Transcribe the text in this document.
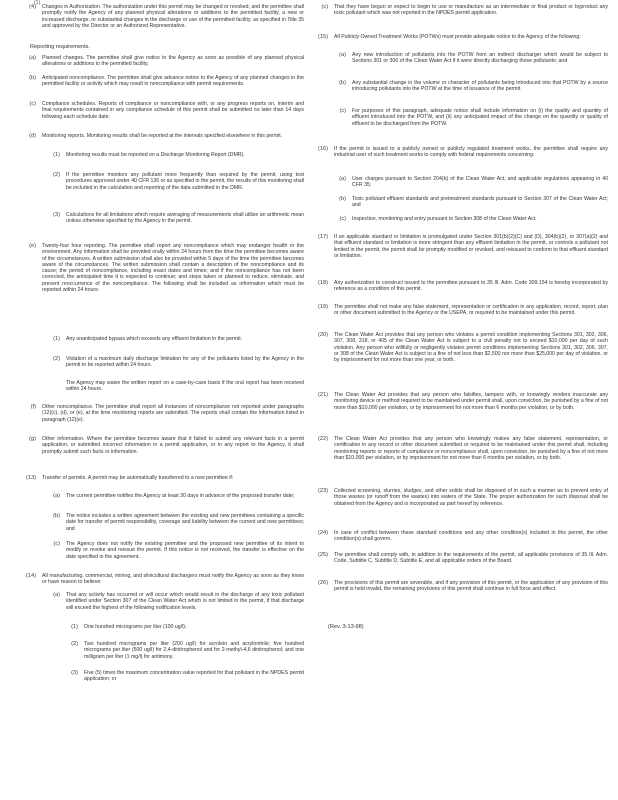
(1)
(4)	Changes in Authorization. The authorization under this permit may be changed or revoked, and the permittee shall promptly notify the Agency of any planned physical alterations or additions to the permitted facility, a new or increased discharge, or substantial changes in the discharge or use of the permitted facility, as specified in Title 35 and approved by the Director or an Authorized Representative.
Reporting requirements.
(a)	Planned changes. The permittee shall give notice to the Agency as soon as possible of any planned physical alterations or additions to the permitted facility.
(b)	Anticipated noncompliance. The permittee shall give advance notice to the Agency of any planned changes in the permitted facility or activity which may result in noncompliance with permit requirements.
(c)	Compliance schedules. Reports of compliance or noncompliance with, or any progress reports on, interim and final requirements contained in any compliance schedule of this permit shall be submitted no later than 14 days following each schedule date.
(d)	Monitoring reports. Monitoring results shall be reported at the intervals specified elsewhere in this permit.
(1)	Monitoring results must be reported on a Discharge Monitoring Report (DMR).
(2)	If the permittee monitors any pollutant more frequently than required by the permit, using test procedures approved under 40 CFR 136 or as specified in the permit, the results of this monitoring shall be included in the calculation and reporting of the data submitted in the DMR.
(3)	Calculations for all limitations which require averaging of measurements shall utilize an arithmetic mean unless otherwise specified by the Agency in the permit.
(e)	Twenty-four hour reporting. The permittee shall report any noncompliance which may endanger health or the environment. Any information shall be provided orally within 24 hours from the time the permittee becomes aware of the circumstances. A written submission shall also be provided within 5 days of the time the permittee becomes aware of the circumstances. The written submission shall contain a description of the noncompliance and its cause; the period of noncompliance, including exact dates and times; and if the noncompliance has not been corrected, the anticipated time it is expected to continue; and steps taken or planned to reduce, eliminate, and prevent reoccurrence of the noncompliance. The following shall be included as information which must be reported within 24 hours:
(1)	Any unanticipated bypass which exceeds any effluent limitation in the permit.
(2)	Violation of a maximum daily discharge limitation for any of the pollutants listed by the Agency in the permit to be reported within 24 hours.
The Agency may waive the written report on a case-by-case basis if the oral report has been received within 24 hours.
(f)	Other noncompliance. The permittee shall report all instances of noncompliance not reported under paragraphs (12)(c), (d), or (e), at the time monitoring reports are submitted. The reports shall contain the information listed in paragraph (12)(e).
(g)	Other information. Where the permittee becomes aware that it failed to submit any relevant facts in a permit application, or submitted incorrect information in a permit application, or in any report to the Agency, it shall promptly submit such facts or information.
(13)	Transfer of permits. A permit may be automatically transferred to a new permittee if:
(a)	The current permittee notifies the Agency at least 30 days in advance of the proposed transfer date;
(b)	The notice includes a written agreement between the existing and new permittees containing a specific date for transfer of permit responsibility, coverage and liability between the current and new permittees; and
(c)	The Agency does not notify the existing permittee and the proposed new permittee of its intent to modify or revoke and reissue the permit. If this notice is not received, the transfer is effective on the date specified in the agreement.
(14)	All manufacturing, commercial, mining, and silvicultural dischargers must notify the Agency as soon as they know or have reason to believe:
(a)	That any activity has occurred or will occur which would result in the discharge of any toxic pollutant identified under Section 307 of the Clean Water Act which is not limited in the permit, if that discharge will exceed the highest of the following notification levels.
(1)	One hundred micrograms per liter (100 ug/l);
(2)	Two hundred micrograms per liter (200 ug/l) for acrolein and acrylonitrile; five hundred micrograms per liter (500 ug/l) for 2,4-dinitrophenol and for 2-methyl-4,6 dinitrophenol; and one milligram per liter (1 mg/l) for antimony.
(3)	Five (5) times the maximum concentration value reported for that pollutant in the NPDES permit application; or
(Rev. 3-13-98)
(c)	That they have begun or expect to begin to use or manufacture as an intermediate or final product or byproduct any toxic pollutant which was not reported in the NPDES permit application.
(15)	All Publicly Owned Treatment Works (POTWs) must provide adequate notice to the Agency of the following:
(a)	Any new introduction of pollutants into the POTW from an indirect discharger which would be subject to Sections 301 or 306 of the Clean Water Act if it were directly discharging those pollutants; and
(b)	Any substantial change in the volume or character of pollutants being introduced into that POTW by a source introducing pollutants into the POTW at the time of issuance of the permit.
(c)	For purposes of this paragraph, adequate notice shall include information on (i) the quality and quantity of effluent introduced into the POTW, and (ii) any anticipated impact of the change on the quantity or quality of effluent to be discharged from the POTW.
(16)	If the permit is issued to a publicly owned or publicly regulated treatment works, the permittee shall require any industrial user of such treatment works to comply with federal requirements concerning:
(a)	User charges pursuant to Section 204(b) of the Clean Water Act, and applicable regulations appearing in 40 CFR 35;
(b)	Toxic pollutant effluent standards and pretreatment standards pursuant to Section 307 of the Clean Water Act; and
(c)	Inspection, monitoring and entry pursuant to Section 308 of the Clean Water Act.
(17)	If an applicable standard or limitation is promulgated under Section 301(b)(2)(C) and (D), 304(b)(2), or 307(a)(2) and that effluent standard or limitation is more stringent than any effluent limitation in the permit, or controls a pollutant not limited in the permit, the permit shall be promptly modified or revoked, and reissued to conform to that effluent standard or limitation.
(18)	Any authorization to construct issued to the permittee pursuant to 35 Ill. Adm. Code 309.154 is hereby incorporated by reference as a condition of this permit.
(19)	The permittee shall not make any false statement, representation or certification in any application, record, report, plan or other document submitted to the Agency or the USEPA, or required to be maintained under this permit.
(20)	The Clean Water Act provides that any person who violates a permit condition implementing Sections 301, 302, 306, 307, 308, 318, or 405 of the Clean Water Act is subject to a civil penalty not to exceed $10,000 per day of such violation. Any person who willfully or negligently violates permit conditions implementing Sections 301, 302, 306, 307, or 308 of the Clean Water Act is subject to a fine of not less than $2,500 nor more than $25,000 per day of violation, or by imprisonment for not more than one year, or both.
(21)	The Clean Water Act provides that any person who falsifies, tampers with, or knowingly renders inaccurate any monitoring device or method required to be maintained under permit shall, upon conviction, be punished by a fine of not more than $10,000 per violation, or by imprisonment for not more than 6 months per violation, or by both.
(22)	The Clean Water Act provides that any person who knowingly makes any false statement, representation, or certification in any record or other document submitted or required to be maintained under this permit shall, including monitoring reports or reports of compliance or noncompliance shall, upon conviction, be punished by a fine of not more than $10,000 per violation, or by imprisonment for not more than 6 months per violation, or by both.
(23)	Collected screening, slurries, sludges, and other solids shall be disposed of in such a manner as to prevent entry of those wastes (or runoff from the wastes) into waters of the State. The proper authorization for such disposal shall be obtained from the Agency and is incorporated as part hereof by reference.
(24)	In case of conflict between these standard conditions and any other condition(s) included in this permit, the other condition(s) shall govern.
(25)	The permittee shall comply with, in addition to the requirements of the permit, all applicable provisions of 35 Ill. Adm. Code, Subtitle C, Subtitle D, Subtitle E, and all applicable orders of the Board.
(26)	The provisions of this permit are severable, and if any provision of this permit, or the application of any provision of this permit is held invalid, the remaining provisions of this permit shall continue in full force and effect.
